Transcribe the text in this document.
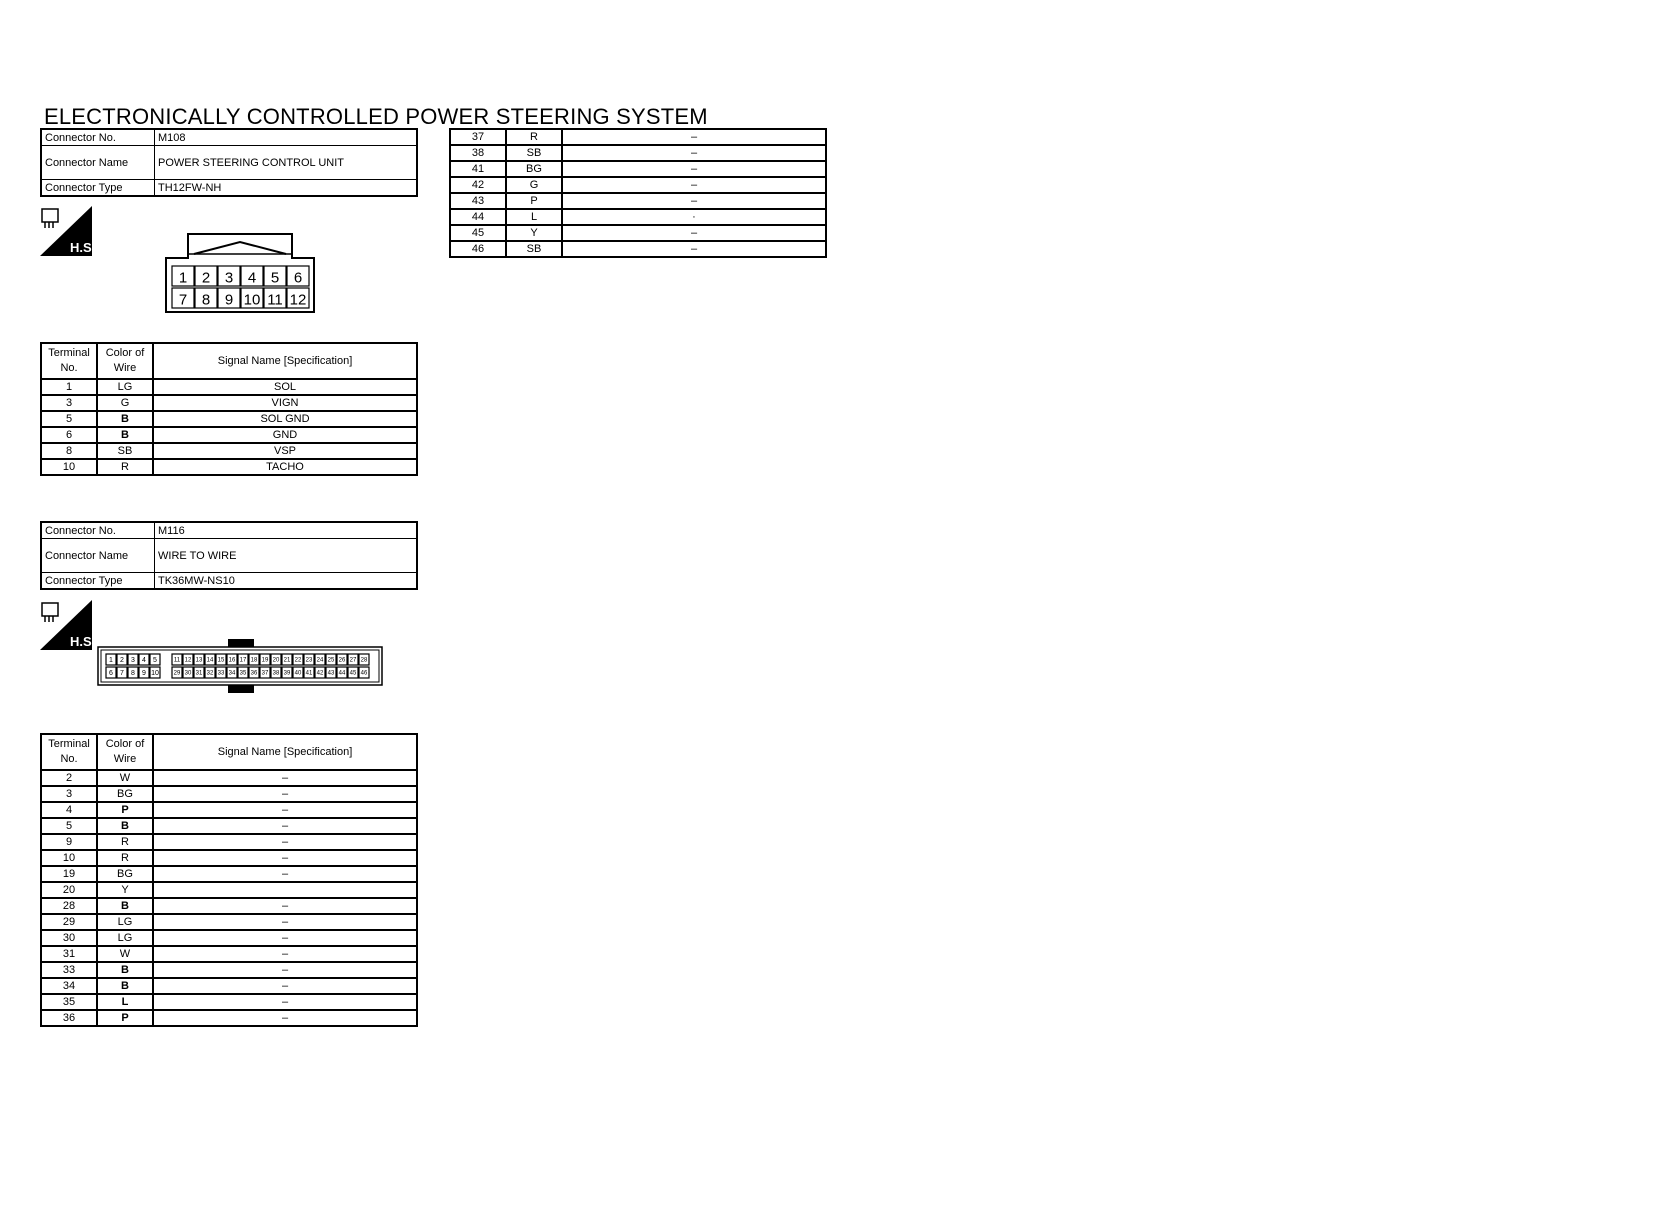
ELECTRONICALLY CONTROLLED POWER STEERING SYSTEM
Connector No.	M108
Connector Name	POWER STEERING CONTROL UNIT
Connector Type	TH12FW-NH
H.S.
1 2 3 4 5 6
7 8 9 10 11 12
Terminal No.	Color of Wire	Signal Name [Specification]
1	LG	SOL
3	G	VIGN
5	B	SOL GND
6	B	GND
8	SB	VSP
10	R	TACHO
Connector No.	M116
Connector Name	WIRE TO WIRE
Connector Type	TK36MW-NS10
H.S.
1 2 3 4 5
6 7 8 9 10
11 12 13 14 15 16 17 18 19 20 21 22 23 24 25 26 27 28
29 30 31 32 33 34 35 36 37 38 39 40 41 42 43 44 45 46
Terminal No.	Color of Wire	Signal Name [Specification]
2	W	–
3	BG	–
4	P	–
5	B	–
9	R	–
10	R	–
19	BG	–
20	Y	
28	B	–
29	LG	–
30	LG	–
31	W	–
33	B	–
34	B	–
35	L	–
36	P	–
37	R	–
38	SB	–
41	BG	–
42	G	–
43	P	–
44	L	·
45	Y	–
46	SB	–
